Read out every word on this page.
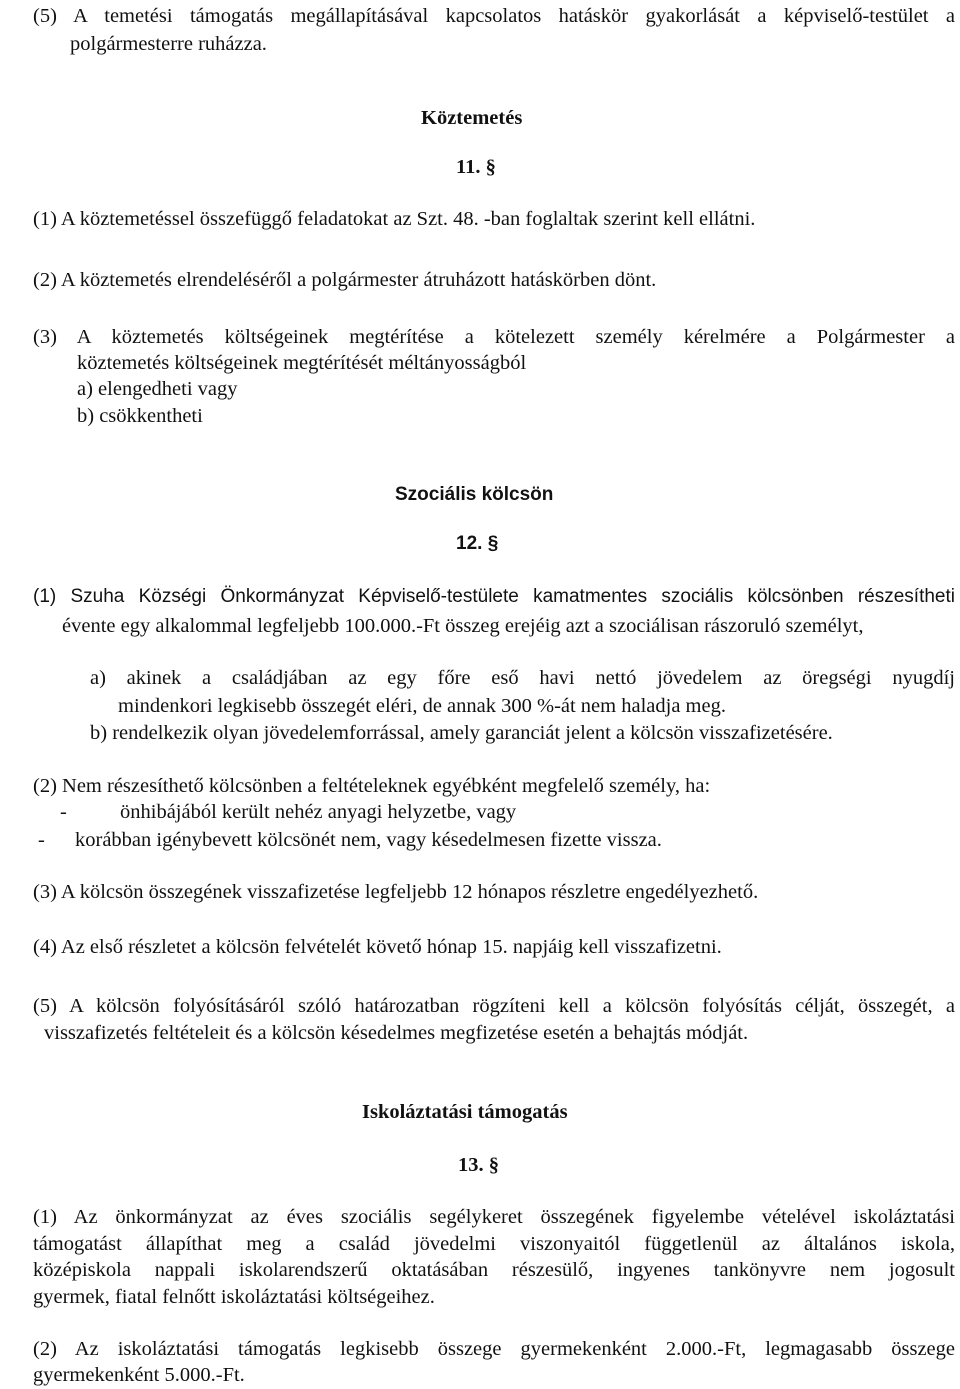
(5) A temetési támogatás megállapításával kapcsolatos hatáskör gyakorlását a képviselő-testület a
polgármesterre ruházza.
Köztemetés
11. §
(1) A köztemetéssel összefüggő feladatokat az Szt. 48. -ban foglaltak szerint kell ellátni.
(2) A köztemetés elrendeléséről a polgármester átruházott hatáskörben dönt.
(3) A köztemetés költségeinek megtérítése a kötelezett személy kérelmére a Polgármester a
köztemetés költségeinek megtérítését méltányosságból
a) elengedheti vagy
b) csökkentheti
Szociális kölcsön
12. §
(1) Szuha Községi Önkormányzat Képviselő-testülete kamatmentes szociális kölcsönben részesítheti
évente egy alkalommal legfeljebb 100.000.-Ft összeg erejéig azt a szociálisan rászoruló személyt,
a) akinek a családjában az egy főre eső havi nettó jövedelem az öregségi nyugdíj
mindenkori legkisebb összegét eléri, de annak 300 %-át nem haladja meg.
b) rendelkezik olyan jövedelemforrással, amely garanciát jelent a kölcsön visszafizetésére.
(2) Nem részesíthető kölcsönben a feltételeknek egyébként megfelelő személy, ha:
-	önhibájából került nehéz anyagi helyzetbe, vagy
- korábban igénybevett kölcsönét nem, vagy késedelmesen fizette vissza.
(3) A kölcsön összegének visszafizetése legfeljebb 12 hónapos részletre engedélyezhető.
(4) Az első részletet a kölcsön felvételét követő hónap 15. napjáig kell visszafizetni.
(5) A kölcsön folyósításáról szóló határozatban rögzíteni kell a kölcsön folyósítás célját, összegét, a
visszafizetés feltételeit és a kölcsön késedelmes megfizetése esetén a behajtás módját.
Iskoláztatási támogatás
13. §
(1) Az önkormányzat az éves szociális segélykeret összegének figyelembe vételével iskoláztatási
támogatást állapíthat meg a család jövedelmi viszonyaitól függetlenül az általános iskola,
középiskola nappali iskolarendszerű oktatásában részesülő, ingyenes tankönyvre nem jogosult
gyermek, fiatal felnőtt iskoláztatási költségeihez.
(2) Az iskoláztatási támogatás legkisebb összege gyermekenként 2.000.-Ft, legmagasabb összege
gyermekenként 5.000.-Ft.
